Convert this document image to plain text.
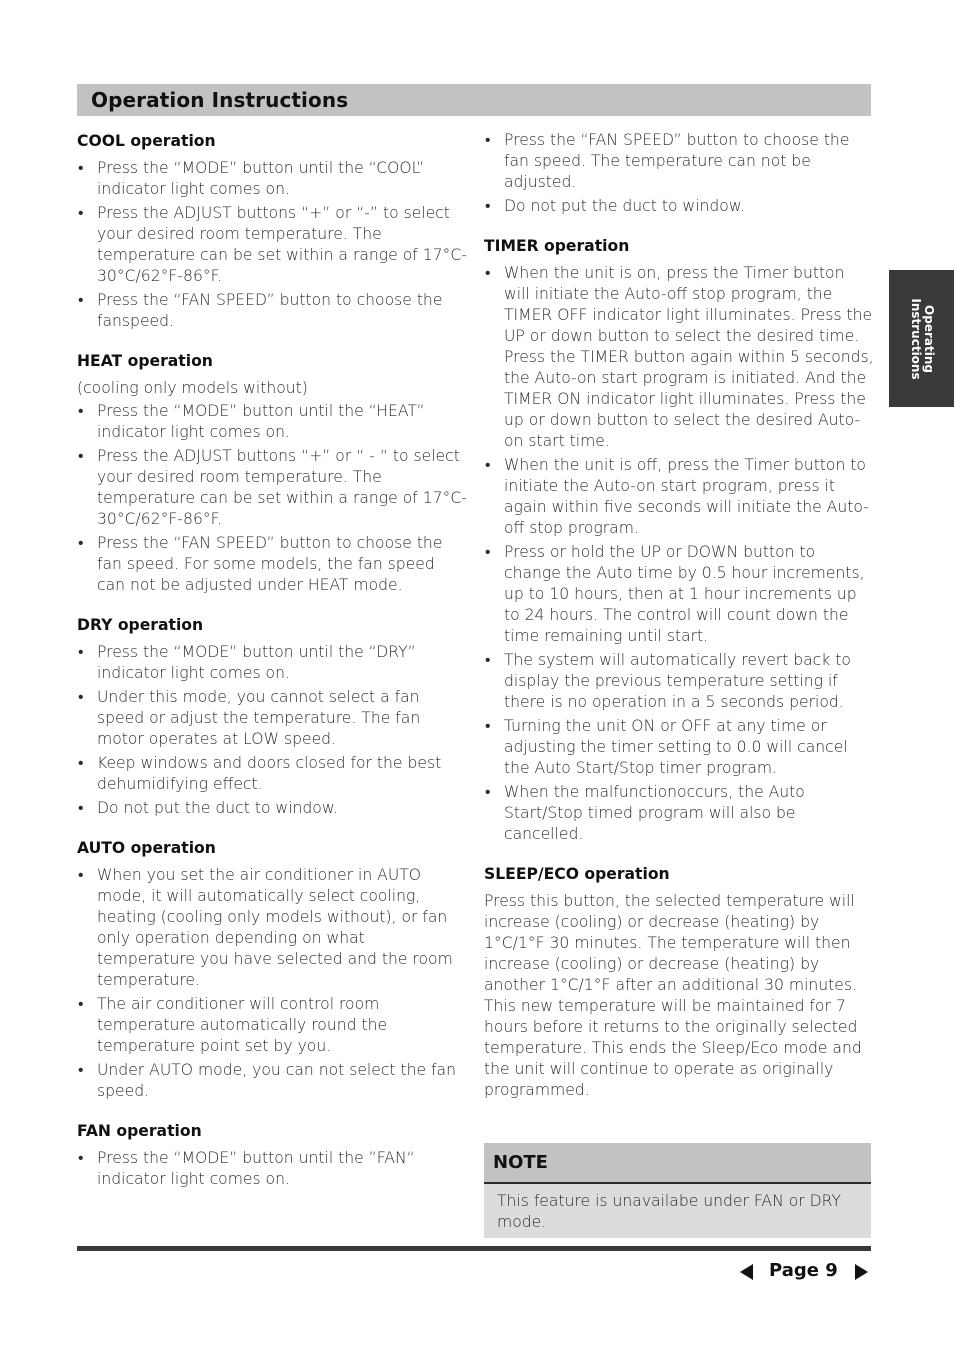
Operation Instructions
Operating
Instructions
COOL operation
• Press the “MODE” button until the “COOL” indicator light comes on.
• Press the ADJUST buttons “+” or “-” to select your desired room temperature. The temperature can be set within a range of 17°C-30°C/62°F-86°F.
• Press the “FAN SPEED” button to choose the fanspeed.
HEAT operation

(cooling only models without)

• Press the “MODE” button until the “HEAT” indicator light comes on.
• Press the ADJUST buttons “+” or “ - “ to select your desired room temperature. The temperature can be set within a range of 17°C-30°C/62°F-86°F.
• Press the “FAN SPEED” button to choose the fan speed. For some models, the fan speed can not be adjusted under HEAT mode.
DRY operation
• Press the “MODE” button until the “DRY” indicator light comes on.
• Under this mode, you cannot select a fan speed or adjust the temperature. The fan motor operates at LOW speed.
• Keep windows and doors closed for the best dehumidifying effect.
• Do not put the duct to window.
AUTO operation
• When you set the air conditioner in AUTO mode, it will automatically select cooling, heating (cooling only models without), or fan only operation depending on what temperature you have selected and the room temperature.
• The air conditioner will control room temperature automatically round the temperature point set by you.
• Under AUTO mode, you can not select the fan speed.
FAN operation
• Press the “MODE” button until the ”FAN“ indicator light comes on.
• Press the “FAN SPEED” button to choose the fan speed. The temperature can not be adjusted.
• Do not put the duct to window.
TIMER operation
• When the unit is on, press the Timer button will initiate the Auto-off stop program, the TIMER OFF indicator light illuminates. Press the UP or down button to select the desired time. Press the TIMER button again within 5 seconds, the Auto-on start program is initiated. And the TIMER ON indicator light illuminates. Press the up or down button to select the desired Auto-on start time.
• When the unit is off, press the Timer button to initiate the Auto-on start program, press it again within five seconds will initiate the Auto-off stop program.
• Press or hold the UP or DOWN button to change the Auto time by 0.5 hour increments, up to 10 hours, then at 1 hour increments up to 24 hours. The control will count down the time remaining until start.
• The system will automatically revert back to display the previous temperature setting if there is no operation in a 5 seconds period.
• Turning the unit ON or OFF at any time or adjusting the timer setting to 0.0 will cancel the Auto Start/Stop timer program.
• When the malfunctionoccurs, the Auto Start/Stop timed program will also be cancelled.
SLEEP/ECO operation

Press this button, the selected temperature will increase (cooling) or decrease (heating) by 1°C/1°F 30 minutes. The temperature will then increase (cooling) or decrease (heating) by another 1°C/1°F after an additional 30 minutes. This new temperature will be maintained for 7 hours before it returns to the originally selected temperature. This ends the Sleep/Eco mode and the unit will continue to operate as originally programmed.

NOTE

This feature is unavailabe under FAN or DRY mode.

Page 9
